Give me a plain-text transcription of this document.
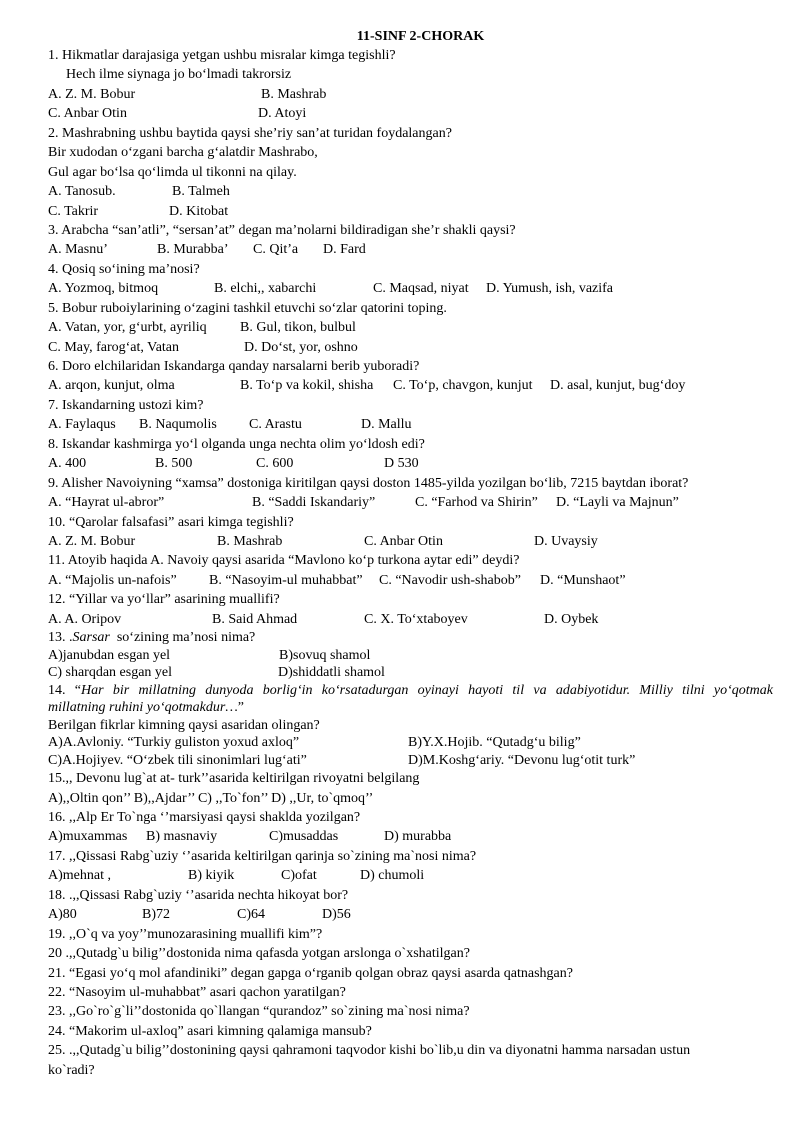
11-SINF 2-CHORAK
1. Hikmatlar darajasiga yetgan ushbu misralar kimga tegishli?
Hech ilme siynaga jo bo‘lmadi takrorsiz
A. Z. M. Bobur	B. Mashrab
C. Anbar Otin	D. Atoyi
2. Mashrabning ushbu baytida qaysi she’riy san’at turidan foydalangan?
Bir xudodan o‘zgani barcha g‘alatdir Mashrabo,
Gul agar bo‘lsa qo‘limda ul tikonni na qilay.
A. Tanosub.	B. Talmeh
C. Takrir	D. Kitobat
3. Arabcha “san’atli”, “sersan’at” degan ma’nolarni bildiradigan she’r shakli qaysi?
A. Masnu’	B. Murabba’ C. Qit’a D. Fard
4. Qosiq so‘ining ma’nosi?
A. Yozmoq, bitmoq	B. elchi,, xabarchi	C. Maqsad, niyat D. Yumush, ish, vazifa
5. Bobur ruboiylarining o‘zagini tashkil etuvchi so‘zlar qatorini toping.
A. Vatan, yor, g‘urbt, ayriliq B. Gul, tikon, bulbul
C. May, farog‘at, Vatan	D. Do‘st, yor, oshno
6. Doro elchilaridan Iskandarga qanday narsalarni berib yuboradi?
A. arqon, kunjut, olma	B. To‘p va kokil, shisha C. To‘p, chavgon, kunjut D. asal, kunjut, bug‘doy
7. Iskandarning ustozi kim?
A. Faylaqus B. Naqumolis C. Arastu	D. Mallu
8. Iskandar kashmirga yo‘l olganda unga nechta olim yo‘ldosh edi?
A. 400	B. 500	C. 600	D 530
9. Alisher Navoiyning “xamsa” dostoniga kiritilgan qaysi doston 1485-yilda yozilgan bo‘lib, 7215 baytdan iborat?
A. “Hayrat ul-abror”	B. “Saddi Iskandariy”	C. “Farhod va Shirin” D. “Layli va Majnun”
10. “Qarolar falsafasi” asari kimga tegishli?
A. Z. M. Bobur	B. Mashrab	C. Anbar Otin	D. Uvaysiy
11. Atoyib haqida A. Navoiy qaysi asarida “Mavlono ko‘p turkona aytar edi” deydi?
A. “Majolis un-nafois” B. “Nasoyim-ul muhabbat” C. “Navodir ush-shabob” D. “Munshaot”
12. “Yillar va yo‘llar” asarining muallifi?
A. A. Oripov	B. Said Ahmad	C. X. To‘xtaboyev	D. Oybek
13. .Sarsar so‘zining ma’nosi nima?
A)janubdan esgan yel	B)sovuq shamol
C) sharqdan esgan yel	D)shiddatli shamol
14. “Har bir millatning dunyoda borlig‘in ko‘rsatadurgan oyinayi hayoti til va adabiyotidur. Milliy tilni yo‘qotmak
millatning ruhini yo‘qotmakdur…”
Berilgan fikrlar kimning qaysi asaridan olingan?
A)A.Avloniy. “Turkiy guliston yoxud axloq”	B)Y.X.Hojib. “Qutadg‘u bilig”
C)A.Hojiyev. “O‘zbek tili sinonimlari lug‘ati”	D)M.Koshg‘ariy. “Devonu lug‘otit turk”
15.,, Devonu lug`at at- turk’’asarida keltirilgan rivoyatni belgilang
A),,Oltin qon’’ B),,Ajdar’’ C) ,,To`fon’’ D) ,,Ur, to`qmoq’’
16. ,,Alp Er To`nga ‘’marsiyasi qaysi shaklda yozilgan?
A)muxammas B) masnaviy	C)musaddas	D) murabba
17. ,,Qissasi Rabg`uziy ‘’asarida keltirilgan qarinja so`zining ma`nosi nima?
A)mehnat ,	B) kiyik	C)ofat	D) chumoli
18. .,,Qissasi Rabg`uziy ‘’asarida nechta hikoyat bor?
A)80	B)72	C)64	D)56
19. ,,O`q va yoy’’munozarasining muallifi kim”?
20 .,,Qutadg`u bilig’’dostonida nima qafasda yotgan arslonga o`xshatilgan?
21. “Egasi yo‘q mol afandiniki” degan gapga o‘rganib qolgan obraz qaysi asarda qatnashgan?
22. “Nasoyim ul-muhabbat” asari qachon yaratilgan?
23. ,,Go`ro`g`li’’dostonida qo`llangan “qurandoz” so`zining ma`nosi nima?
24. “Makorim ul-axloq” asari kimning qalamiga mansub?
25. .,,Qutadg`u bilig’’dostonining qaysi qahramoni taqvodor kishi bo`lib,u din va diyonatni hamma narsadan ustun
ko`radi?
